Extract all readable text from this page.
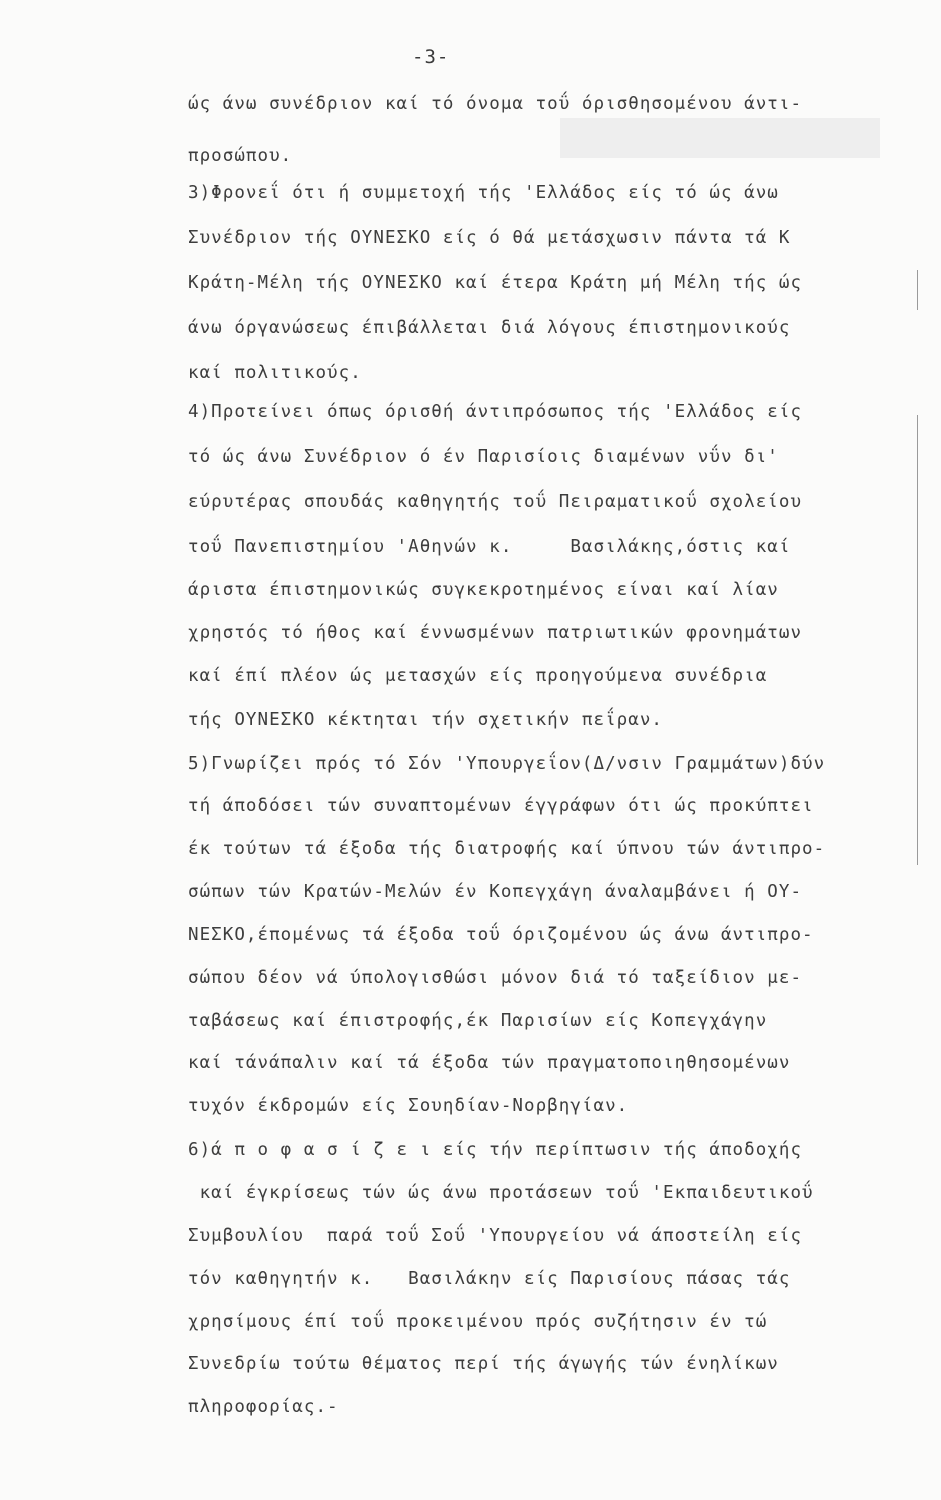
-3-
ώς άνω συνέδριον καί τό όνομα τοΰ όρισθησομένου άντι-
προσώπου.
3)Φρονεΐ ότι ή συμμετοχή τής 'Ελλάδος είς τό ώς άνω
Συνέδριον τής ΟΥΝΕΣΚΟ είς ό θά μετάσχωσιν πάντα τά Κ
Κράτη-Μέλη τής ΟΥΝΕΣΚΟ καί έτερα Κράτη μή Μέλη τής ώς
άνω όργανώσεως έπιβάλλεται διά λόγους έπιστημονικούς
καί πολιτικούς.
4)Προτείνει όπως όρισθή άντιπρόσωπος τής 'Ελλάδος είς
τό ώς άνω Συνέδριον ό έν Παρισίοις διαμένων νΰν δι'
εύρυτέρας σπουδάς καθηγητής τοΰ Πειραματικοΰ σχολείου
τοΰ Πανεπιστημίου 'Αθηνών κ.     Βασιλάκης,όστις καί
άριστα έπιστημονικώς συγκεκροτημένος είναι καί λίαν
χρηστός τό ήθος καί έννωσμένων πατριωτικών φρονημάτων
καί έπί πλέον ώς μετασχών είς προηγούμενα συνέδρια
τής ΟΥΝΕΣΚΟ κέκτηται τήν σχετικήν πεΐραν.
5)Γνωρίζει πρός τό Σόν 'Υπουργεΐον(Δ/νσιν Γραμμάτων)δύν
τή άποδόσει τών συναπτομένων έγγράφων ότι ώς προκύπτει
έκ τούτων τά έξοδα τής διατροφής καί ύπνου τών άντιπρο-
σώπων τών Κρατών-Μελών έν Κοπεγχάγη άναλαμβάνει ή ΟΥ-
ΝΕΣΚΟ,έπομένως τά έξοδα τοΰ όριζομένου ώς άνω άντιπρο-
σώπου δέον νά ύπολογισθώσι μόνον διά τό ταξείδιον με-
ταβάσεως καί έπιστροφής,έκ Παρισίων είς Κοπεγχάγην
καί τάνάπαλιν καί τά έξοδα τών πραγματοποιηθησομένων
τυχόν έκδρομών είς Σουηδίαν-Νορβηγίαν.
6)ά π ο φ α σ ί ζ ε ι είς τήν περίπτωσιν τής άποδοχής
καί έγκρίσεως τών ώς άνω προτάσεων τοΰ 'Εκπαιδευτικοΰ
Συμβουλίου  παρά τοΰ Σοΰ 'Υπουργείου νά άποστείλη είς
τόν καθηγητήν κ.   Βασιλάκην είς Παρισίους πάσας τάς
χρησίμους έπί τοΰ προκειμένου πρός συζήτησιν έν τώ
Συνεδρίω τούτω θέματος περί τής άγωγής τών ένηλίκων
πληροφορίας.-
